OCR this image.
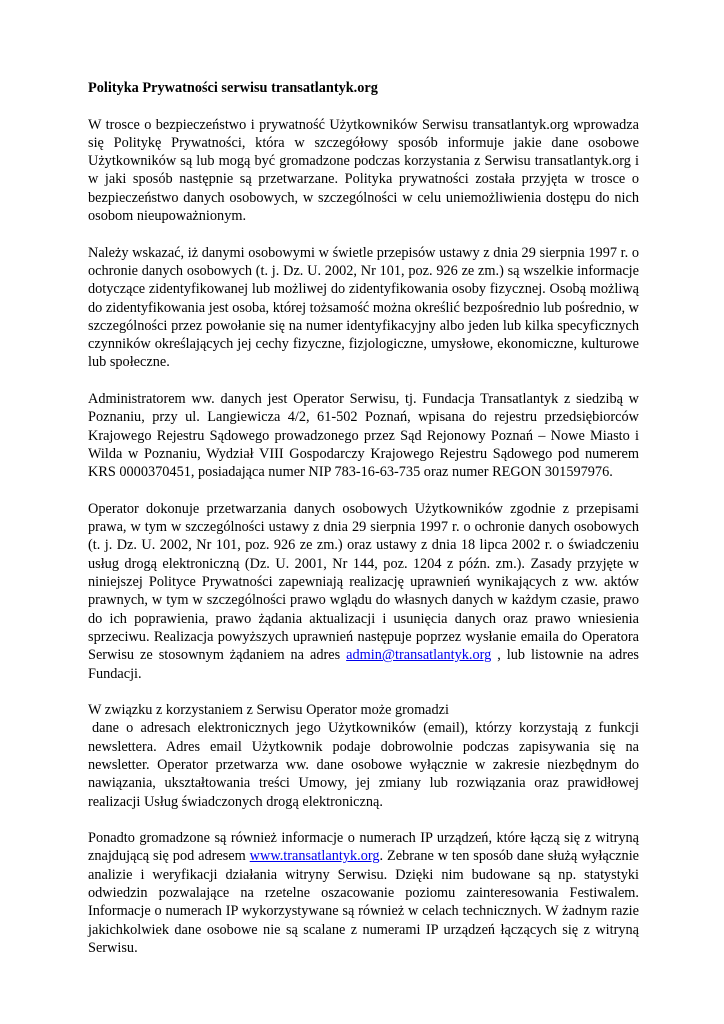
Polityka Prywatności serwisu transatlantyk.org

W trosce o bezpieczeństwo i prywatność Użytkowników Serwisu transatlantyk.org wprowadza się Politykę Prywatności, która w szczegółowy sposób informuje jakie dane osobowe Użytkowników są lub mogą być gromadzone podczas korzystania z Serwisu transatlantyk.org i w jaki sposób następnie są przetwarzane. Polityka prywatności została przyjęta w trosce o bezpieczeństwo danych osobowych, w szczególności w celu uniemożliwienia dostępu do nich osobom nieupoważnionym.

Należy wskazać, iż danymi osobowymi w świetle przepisów ustawy z dnia 29 sierpnia 1997 r. o ochronie danych osobowych (t. j. Dz. U. 2002, Nr 101, poz. 926 ze zm.) są wszelkie informacje dotyczące zidentyfikowanej lub możliwej do zidentyfikowania osoby fizycznej. Osobą możliwą do zidentyfikowania jest osoba, której tożsamość można określić bezpośrednio lub pośrednio, w szczególności przez powołanie się na numer identyfikacyjny albo jeden lub kilka specyficznych czynników określających jej cechy fizyczne, fizjologiczne, umysłowe, ekonomiczne, kulturowe lub społeczne.

Administratorem ww. danych jest Operator Serwisu, tj. Fundacja Transatlantyk z siedzibą w Poznaniu, przy ul. Langiewicza 4/2, 61-502 Poznań, wpisana do rejestru przedsiębiorców Krajowego Rejestru Sądowego prowadzonego przez Sąd Rejonowy Poznań – Nowe Miasto i Wilda w Poznaniu, Wydział VIII Gospodarczy Krajowego Rejestru Sądowego pod numerem KRS 0000370451, posiadająca numer NIP 783-16-63-735 oraz numer REGON 301597976.

Operator dokonuje przetwarzania danych osobowych Użytkowników zgodnie z przepisami prawa, w tym w szczególności ustawy z dnia 29 sierpnia 1997 r. o ochronie danych osobowych (t. j. Dz. U. 2002, Nr 101, poz. 926 ze zm.) oraz ustawy z dnia 18 lipca 2002 r. o świadczeniu usług drogą elektroniczną (Dz. U. 2001, Nr 144, poz. 1204 z późn. zm.). Zasady przyjęte w niniejszej Polityce Prywatności zapewniają realizację uprawnień wynikających z ww. aktów prawnych, w tym w szczególności prawo wglądu do własnych danych w każdym czasie, prawo do ich poprawienia, prawo żądania aktualizacji i usunięcia danych oraz prawo wniesienia sprzeciwu. Realizacja powyższych uprawnień następuje poprzez wysłanie emaila do Operatora Serwisu ze stosownym żądaniem na adres admin@transatlantyk.org , lub listownie na adres Fundacji.

W związku z korzystaniem z Serwisu Operator może gromadzi
dane o adresach elektronicznych jego Użytkowników (email), którzy korzystają z funkcji newslettera. Adres email Użytkownik podaje dobrowolnie podczas zapisywania się na newsletter. Operator przetwarza ww. dane osobowe wyłącznie w zakresie niezbędnym do nawiązania, ukształtowania treści Umowy, jej zmiany lub rozwiązania oraz prawidłowej realizacji Usług świadczonych drogą elektroniczną.

Ponadto gromadzone są również informacje o numerach IP urządzeń, które łączą się z witryną znajdującą się pod adresem www.transatlantyk.org. Zebrane w ten sposób dane służą wyłącznie analizie i weryfikacji działania witryny Serwisu. Dzięki nim budowane są np. statystyki odwiedzin pozwalające na rzetelne oszacowanie poziomu zainteresowania Festiwalem. Informacje o numerach IP wykorzystywane są również w celach technicznych. W żadnym razie jakichkolwiek dane osobowe nie są scalane z numerami IP urządzeń łączących się z witryną Serwisu.
